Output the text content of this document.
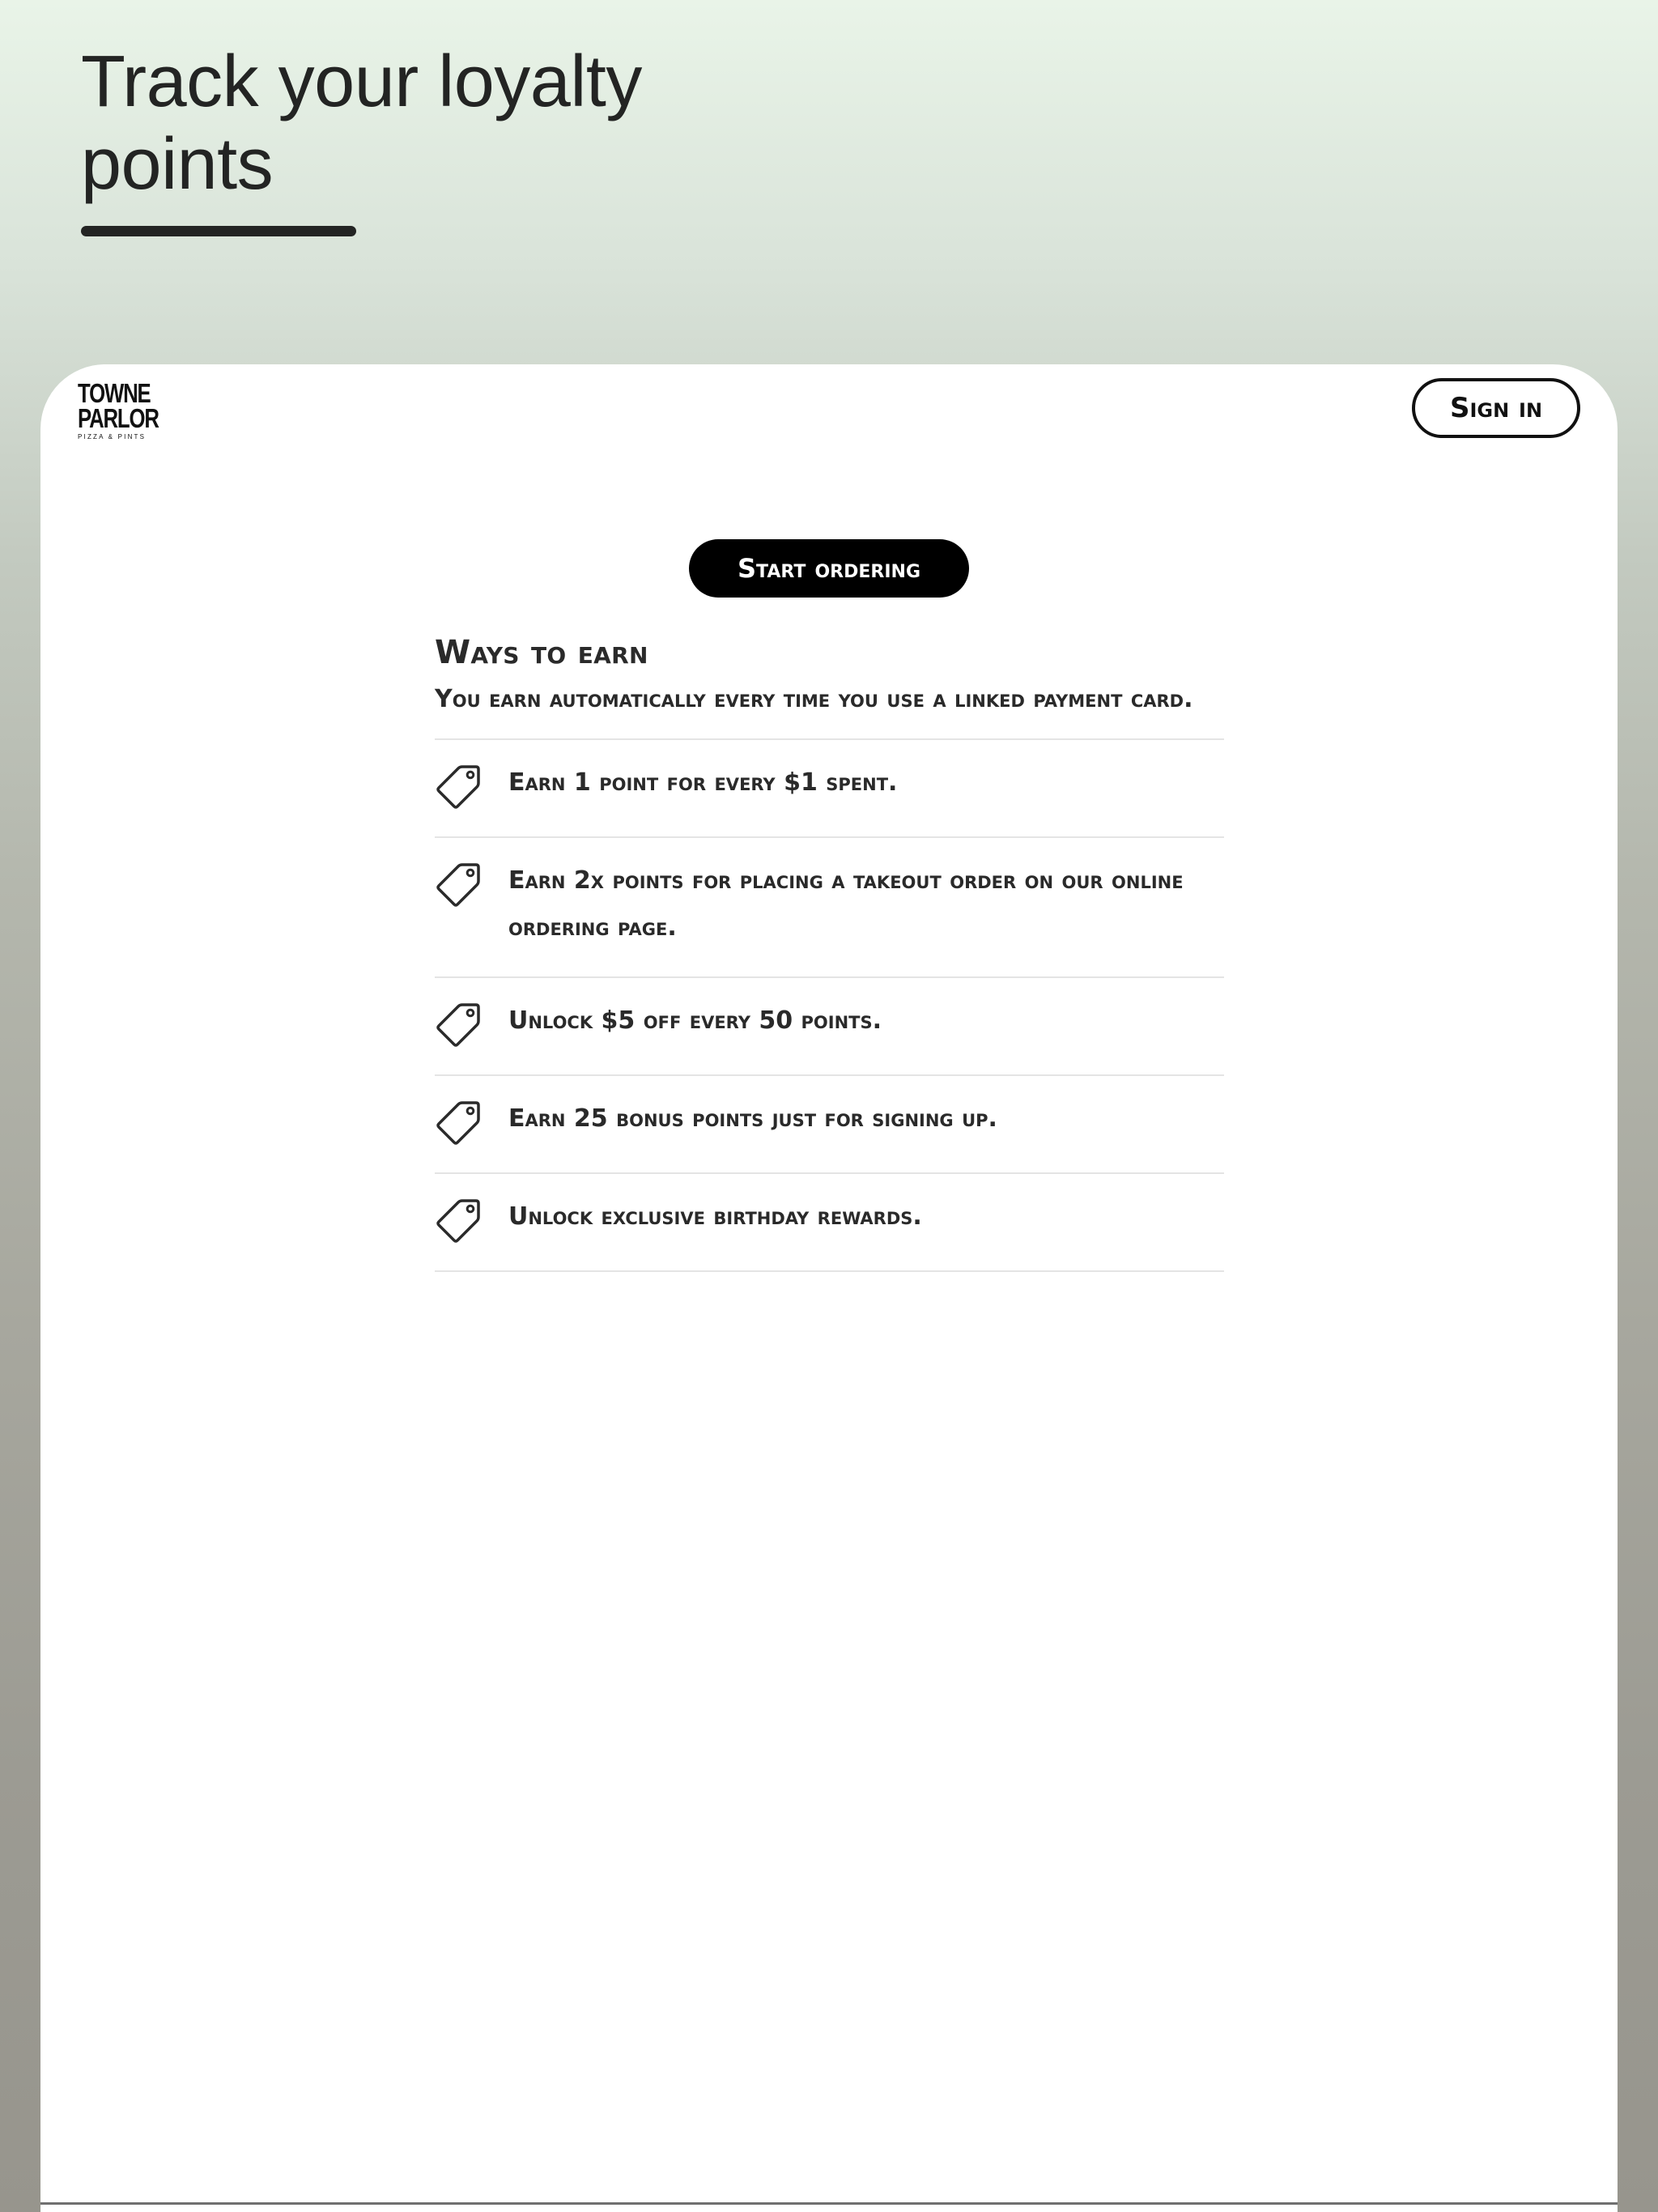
Track your loyalty points
TOWNE
PARLOR
PIZZA & PINTS
Sign in
Start ordering
Ways to earn

You earn automatically every time you use a linked payment card.

Earn 1 point for every $1 spent.
Earn 2x points for placing a takeout order on our online ordering page.
Unlock $5 off every 50 points.
Earn 25 bonus points just for signing up.
Unlock exclusive birthday rewards.
